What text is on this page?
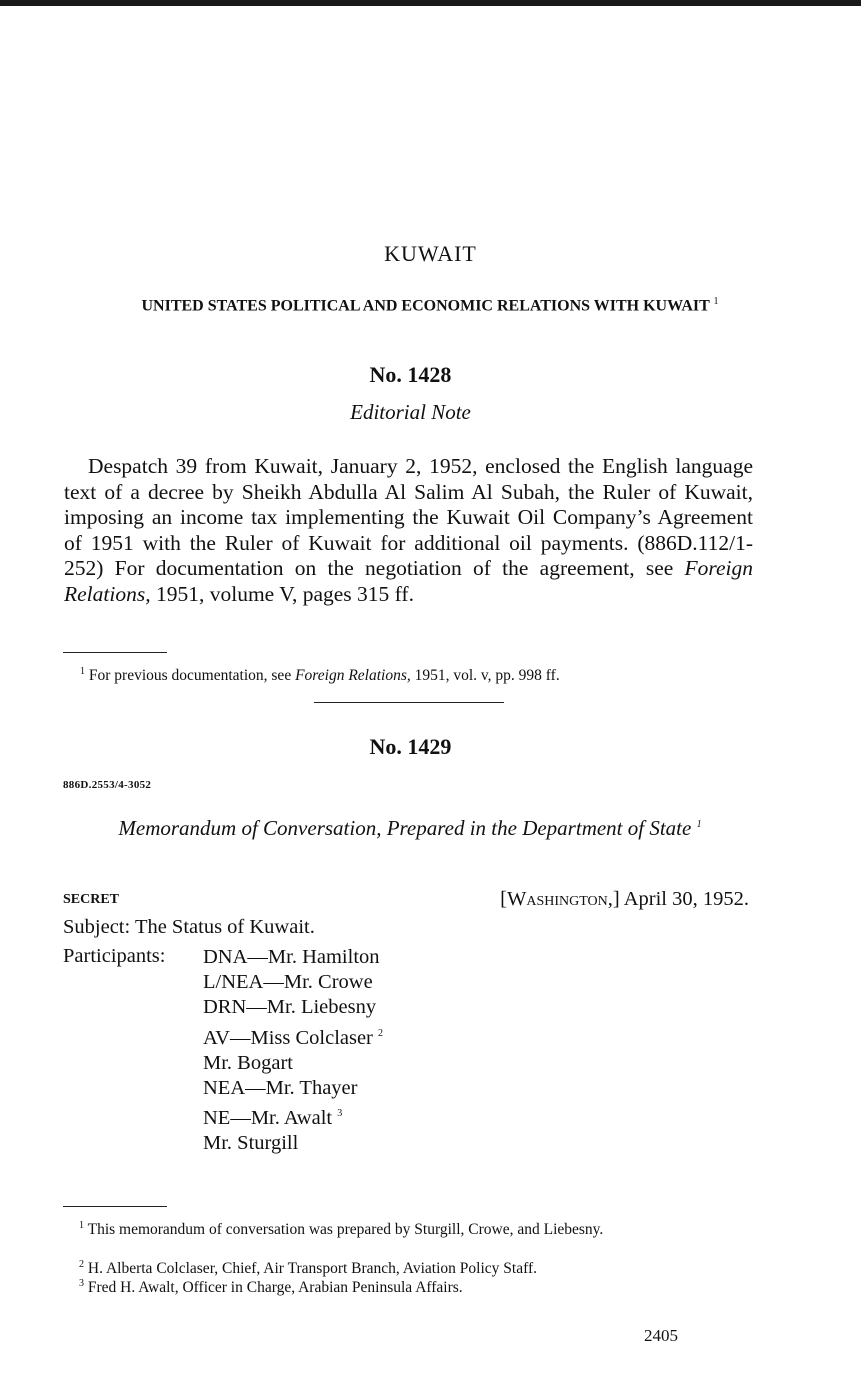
KUWAIT
UNITED STATES POLITICAL AND ECONOMIC RELATIONS WITH KUWAIT $^1$
No. 1428
Editorial Note
Despatch 39 from Kuwait, January 2, 1952, enclosed the English language text of a decree by Sheikh Abdulla Al Salim Al Subah, the Ruler of Kuwait, imposing an income tax implementing the Kuwait Oil Company’s Agreement of 1951 with the Ruler of Kuwait for additional oil payments. (886D.112/1-252) For documentation on the negotiation of the agreement, see Foreign Relations, 1951, volume V, pages 315 ff.
$^1$ For previous documentation, see Foreign Relations, 1951, vol. v, pp. 998 ff.
No. 1429
886D.2553/4-3052
Memorandum of Conversation, Prepared in the Department of State $^1$
SECRET	[Washington,] April 30, 1952.
Subject: The Status of Kuwait.
Participants: DNA—Mr. Hamilton
L/NEA—Mr. Crowe
DRN—Mr. Liebesny
AV—Miss Colclaser $^2$
Mr. Bogart
NEA—Mr. Thayer
NE—Mr. Awalt $^3$
Mr. Sturgill
$^1$ This memorandum of conversation was prepared by Sturgill, Crowe, and Liebesny.
$^2$ H. Alberta Colclaser, Chief, Air Transport Branch, Aviation Policy Staff.
$^3$ Fred H. Awalt, Officer in Charge, Arabian Peninsula Affairs.
2405
